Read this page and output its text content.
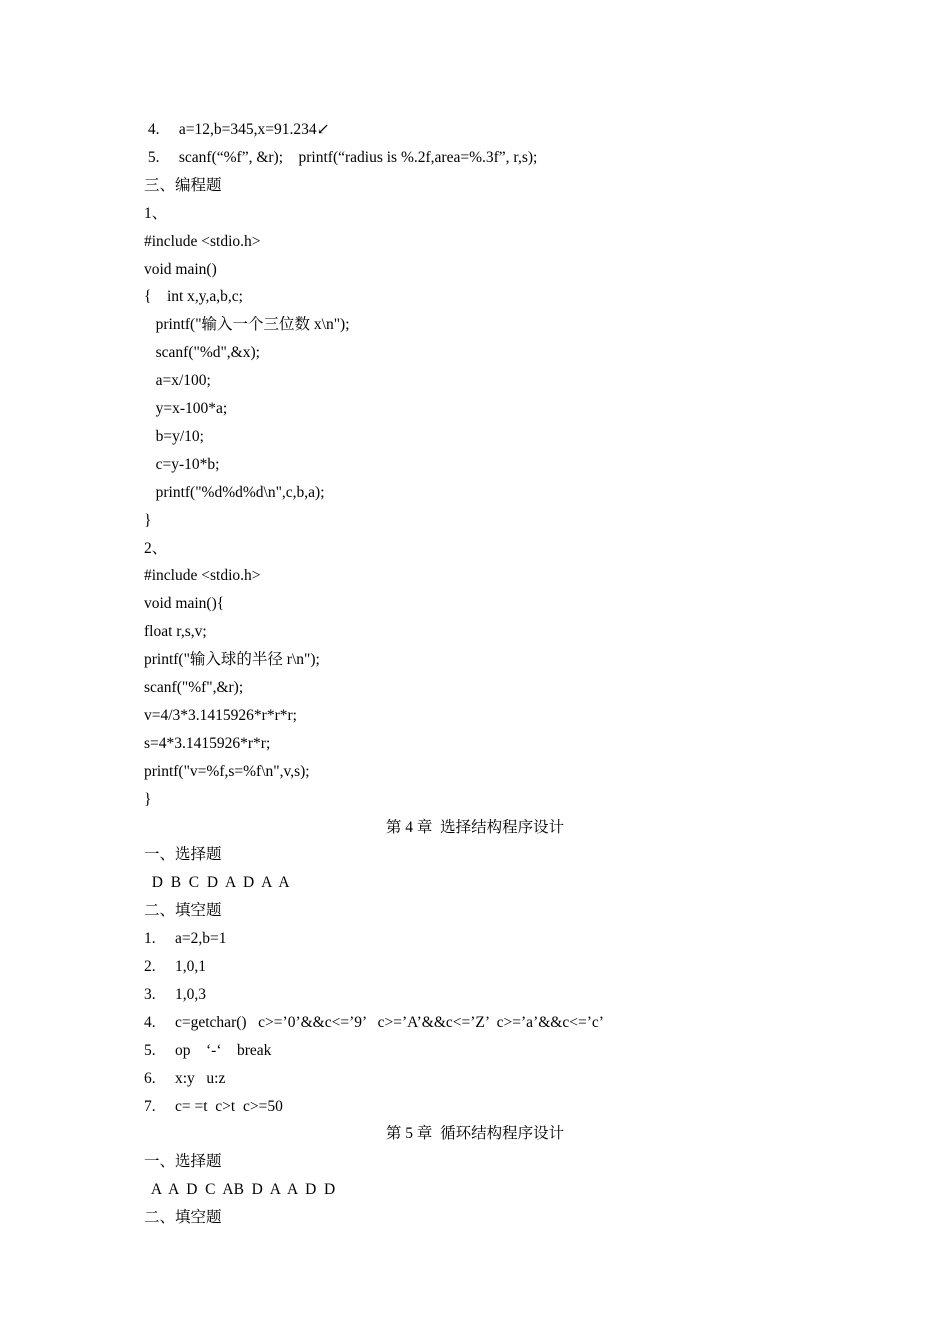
4.     a=12,b=345,x=91.234↙
5.     scanf(“%f”, &r);    printf(“radius is %.2f,area=%.3f”, r,s);
三、编程题
1、
#include <stdio.h>
void main()
{    int x,y,a,b,c;
printf("输入一个三位数 x\n");
scanf("%d",&x);
a=x/100;
y=x-100*a;
b=y/10;
c=y-10*b;
printf("%d%d%d\n",c,b,a);
}
2、
#include <stdio.h>
void main(){
float r,s,v;
printf("输入球的半径 r\n");
scanf("%f",&r);
v=4/3*3.1415926*r*r*r;
s=4*3.1415926*r*r;
printf("v=%f,s=%f\n",v,s);
}
第 4 章  选择结构程序设计
一、选择题
D  B  C  D  A  D  A  A
二、填空题
1.     a=2,b=1
2.     1,0,1
3.     1,0,3
4.     c=getchar()   c>=’0’&&c<=’9’   c>=’A’&&c<=’Z’  c>=’a’&&c<=’c’
5.     op    ‘-‘    break
6.     x:y   u:z
7.     c= =t  c>t  c>=50
第 5 章  循环结构程序设计
一、选择题
A  A  D  C  AB  D  A  A  D  D
二、填空题
